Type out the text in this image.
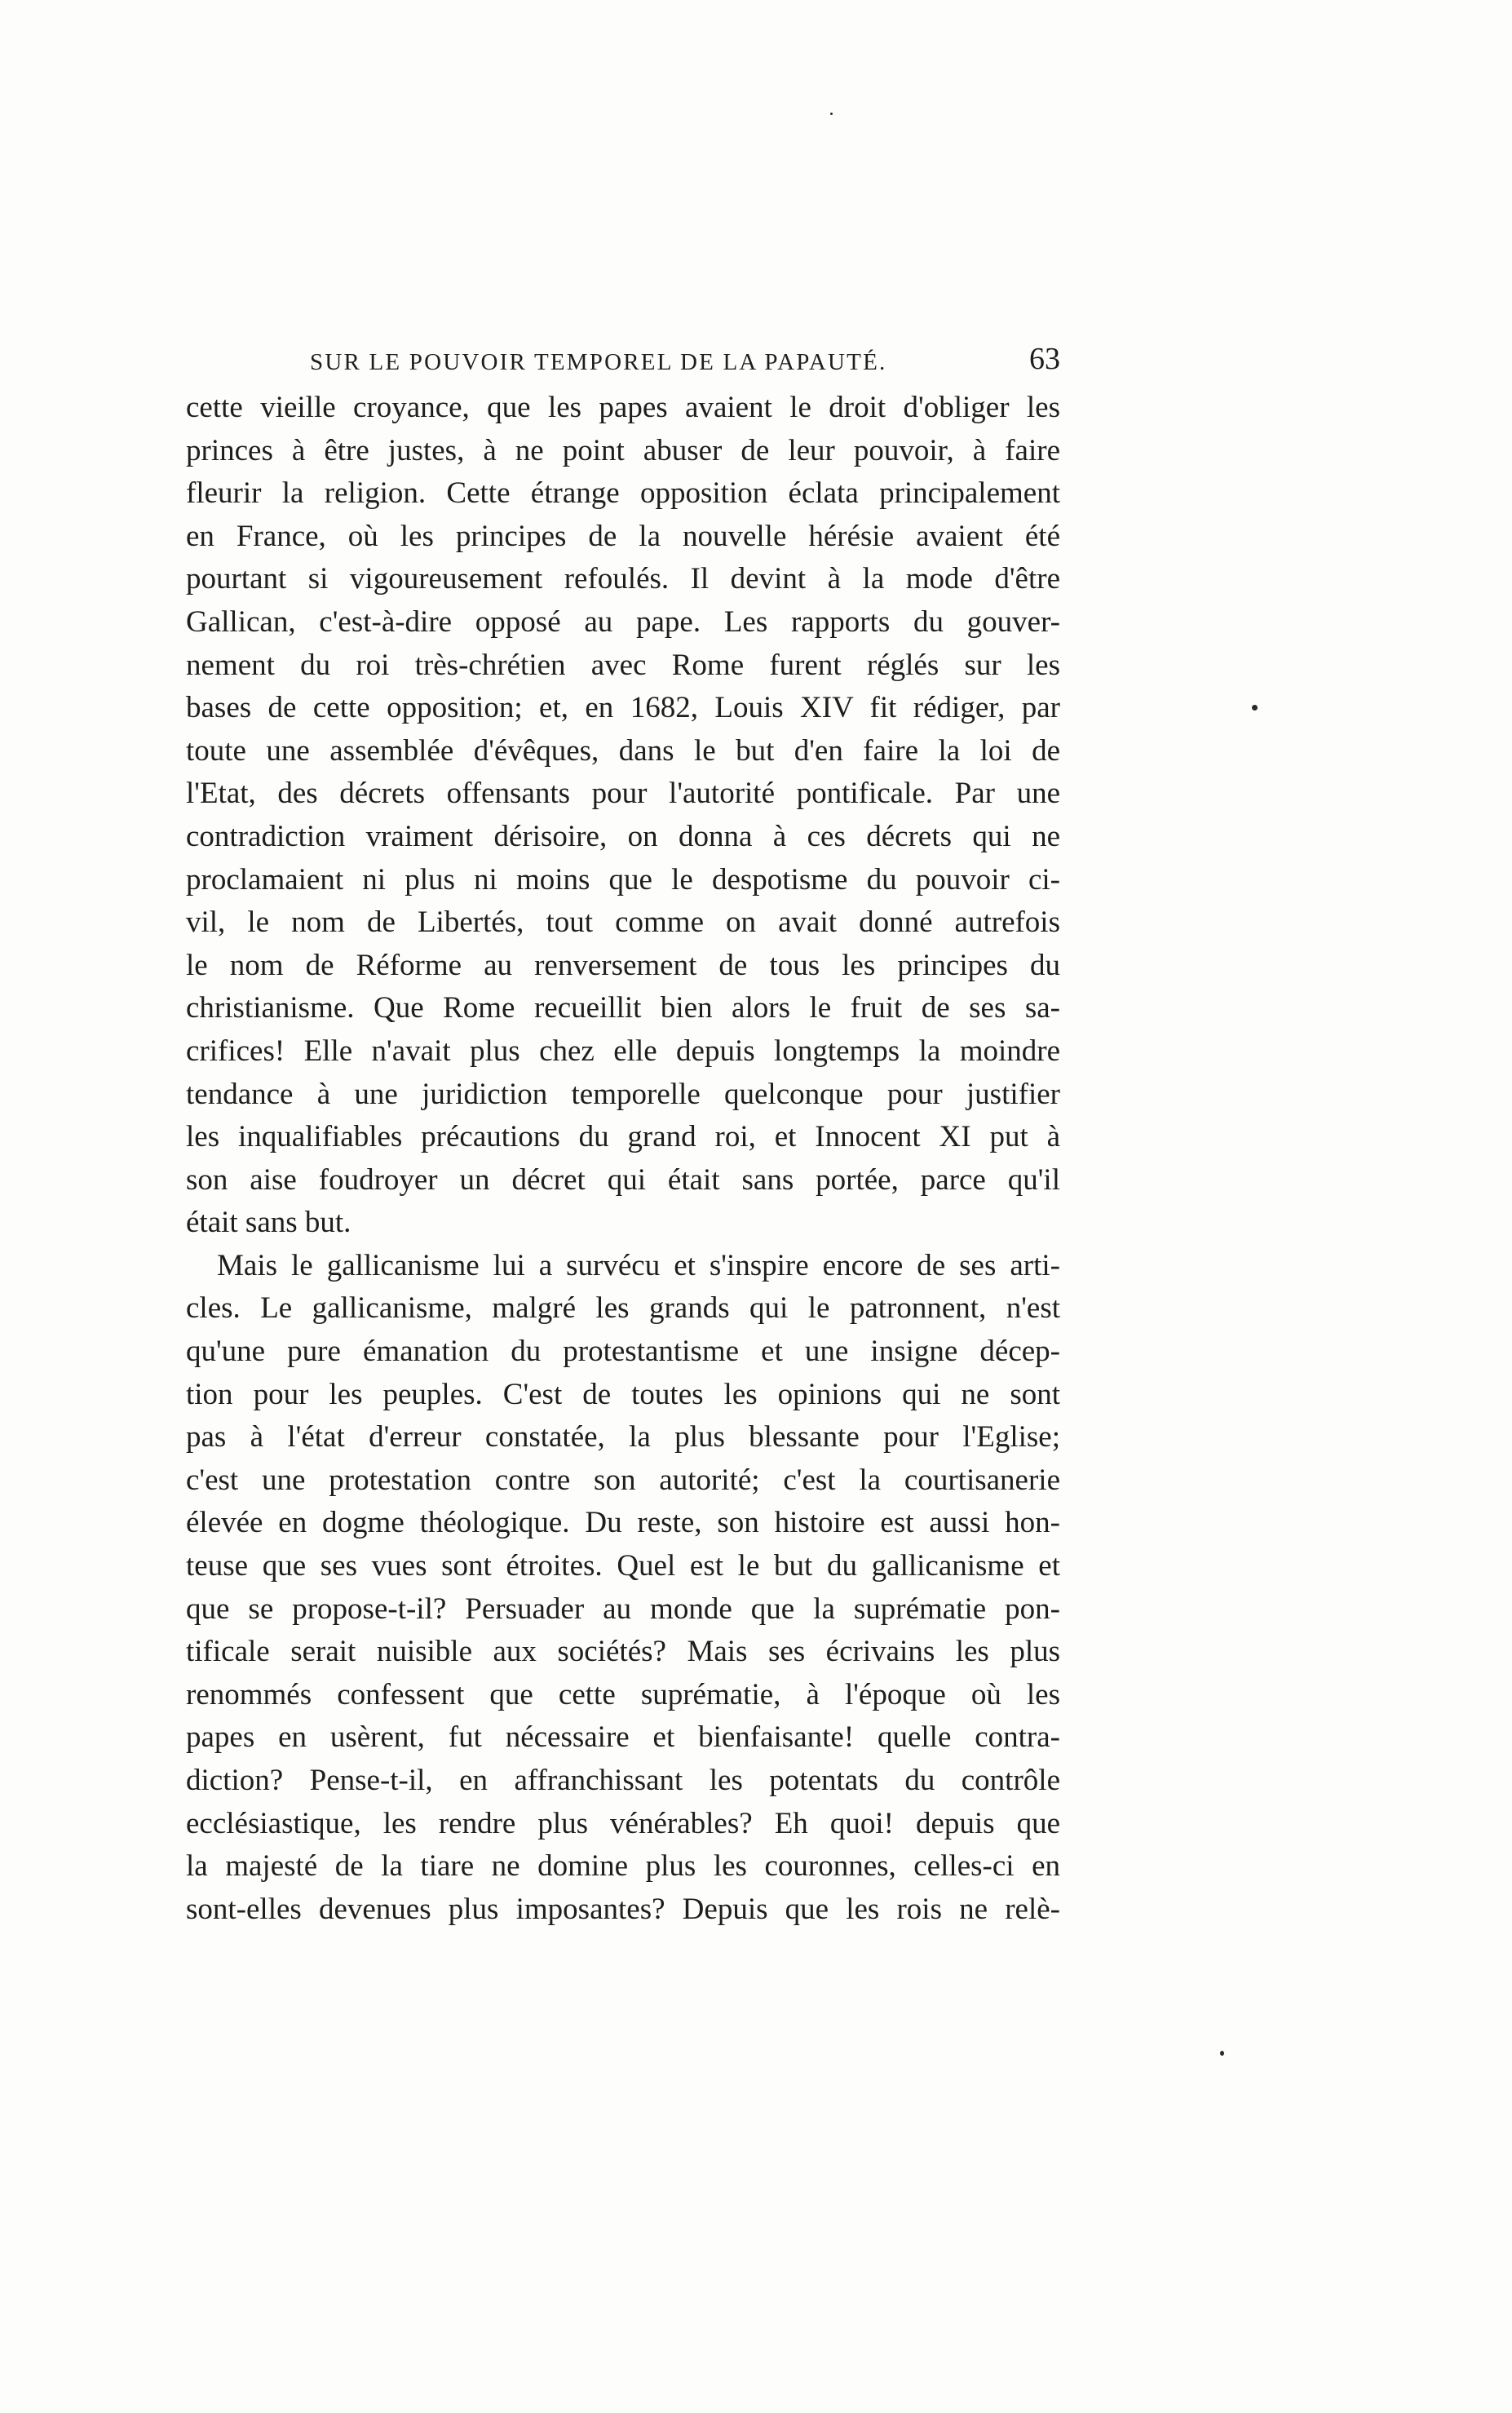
SUR LE POUVOIR TEMPOREL DE LA PAPAUTÉ.	63
cette vieille croyance, que les papes avaient le droit d'obliger les
princes à être justes, à ne point abuser de leur pouvoir, à faire
fleurir la religion. Cette étrange opposition éclata principalement
en France, où les principes de la nouvelle hérésie avaient été
pourtant si vigoureusement refoulés. Il devint à la mode d'être
Gallican, c'est-à-dire opposé au pape. Les rapports du gouver-
nement du roi très-chrétien avec Rome furent réglés sur les
bases de cette opposition; et, en 1682, Louis XIV fit rédiger, par
toute une assemblée d'évêques, dans le but d'en faire la loi de
l'Etat, des décrets offensants pour l'autorité pontificale. Par une
contradiction vraiment dérisoire, on donna à ces décrets qui ne
proclamaient ni plus ni moins que le despotisme du pouvoir ci-
vil, le nom de Libertés, tout comme on avait donné autrefois
le nom de Réforme au renversement de tous les principes du
christianisme. Que Rome recueillit bien alors le fruit de ses sa-
crifices! Elle n'avait plus chez elle depuis longtemps la moindre
tendance à une juridiction temporelle quelconque pour justifier
les inqualifiables précautions du grand roi, et Innocent XI put à
son aise foudroyer un décret qui était sans portée, parce qu'il
était sans but.
Mais le gallicanisme lui a survécu et s'inspire encore de ses arti-
cles. Le gallicanisme, malgré les grands qui le patronnent, n'est
qu'une pure émanation du protestantisme et une insigne décep-
tion pour les peuples. C'est de toutes les opinions qui ne sont
pas à l'état d'erreur constatée, la plus blessante pour l'Eglise;
c'est une protestation contre son autorité; c'est la courtisanerie
élevée en dogme théologique. Du reste, son histoire est aussi hon-
teuse que ses vues sont étroites. Quel est le but du gallicanisme et
que se propose-t-il? Persuader au monde que la suprématie pon-
tificale serait nuisible aux sociétés? Mais ses écrivains les plus
renommés confessent que cette suprématie, à l'époque où les
papes en usèrent, fut nécessaire et bienfaisante! quelle contra-
diction? Pense-t-il, en affranchissant les potentats du contrôle
ecclésiastique, les rendre plus vénérables? Eh quoi! depuis que
la majesté de la tiare ne domine plus les couronnes, celles-ci en
sont-elles devenues plus imposantes? Depuis que les rois ne relè-
